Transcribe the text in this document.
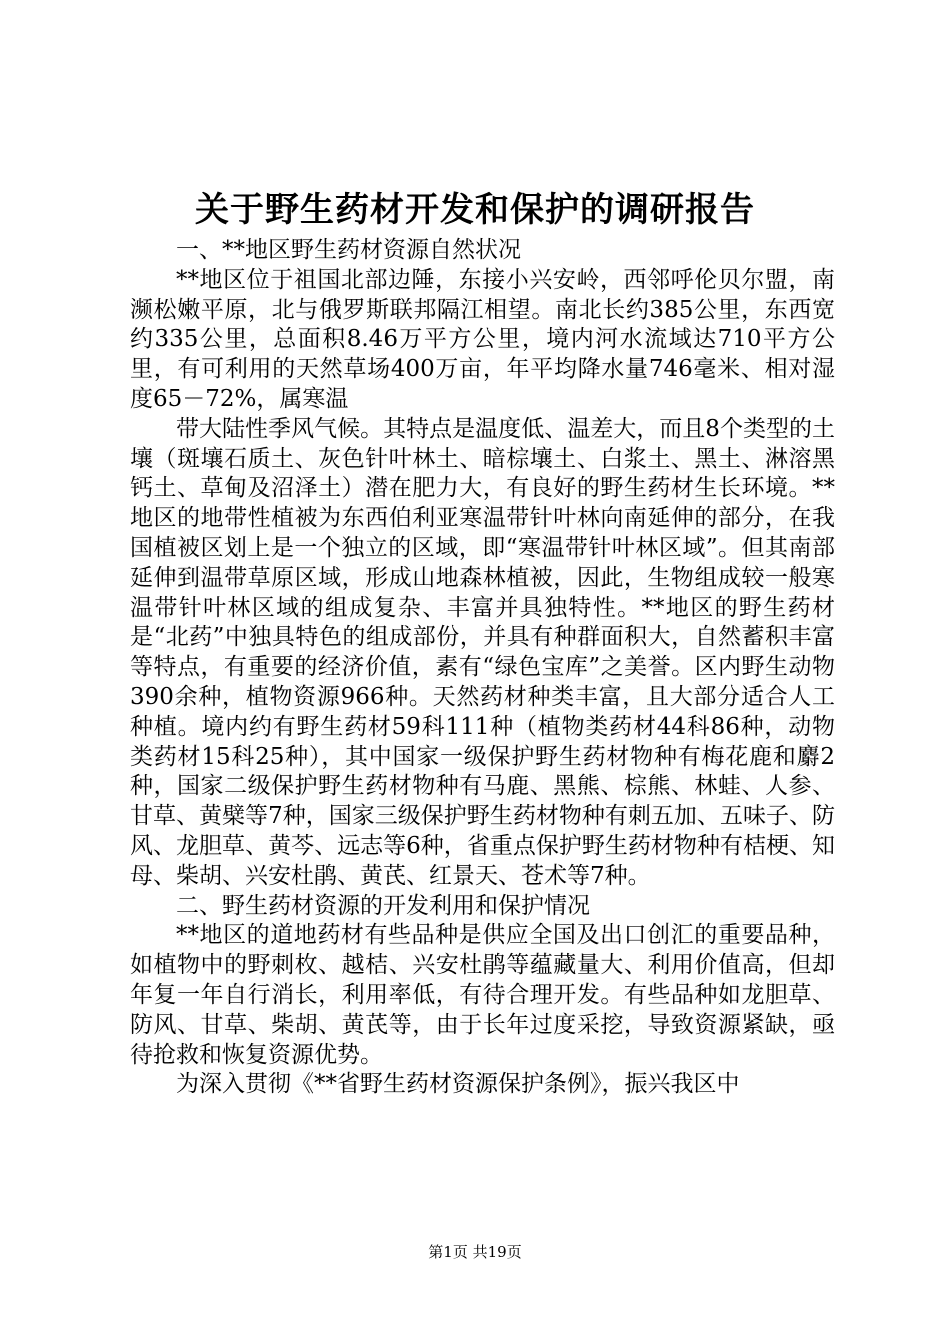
关于野生药材开发和保护的调研报告

一、**地区野生药材资源自然状况

**地区位于祖国北部边陲，东接小兴安岭，西邻呼伦贝尔盟，南濒松嫩平原，北与俄罗斯联邦隔江相望。南北长约385公里，东西宽约335公里，总面积8.46万平方公里，境内河水流域达710平方公里，有可利用的天然草场400万亩，年平均降水量746毫米、相对湿度65－72%，属寒温

带大陆性季风气候。其特点是温度低、温差大，而且8个类型的土壤（斑壤石质土、灰色针叶林土、暗棕壤土、白浆土、黑土、淋溶黑钙土、草甸及沼泽土）潜在肥力大，有良好的野生药材生长环境。**地区的地带性植被为东西伯利亚寒温带针叶林向南延伸的部分，在我国植被区划上是一个独立的区域，即“寒温带针叶林区域”。但其南部延伸到温带草原区域，形成山地森林植被，因此，生物组成较一般寒温带针叶林区域的组成复杂、丰富并具独特性。**地区的野生药材是“北药”中独具特色的组成部份，并具有种群面积大，自然蓄积丰富等特点，有重要的经济价值，素有“绿色宝库”之美誉。区内野生动物390余种，植物资源966种。天然药材种类丰富，且大部分适合人工种植。境内约有野生药材59科111种（植物类药材44科86种，动物类药材15科25种），其中国家一级保护野生药材物种有梅花鹿和麝2种，国家二级保护野生药材物种有马鹿、黑熊、棕熊、林蛙、人参、甘草、黄檗等7种，国家三级保护野生药材物种有刺五加、五味子、防风、龙胆草、黄芩、远志等6种，省重点保护野生药材物种有桔梗、知母、柴胡、兴安杜鹃、黄芪、红景天、苍术等7种。

二、野生药材资源的开发利用和保护情况

**地区的道地药材有些品种是供应全国及出口创汇的重要品种，如植物中的野刺枚、越桔、兴安杜鹃等蕴藏量大、利用价值高，但却年复一年自行消长，利用率低，有待合理开发。有些品种如龙胆草、防风、甘草、柴胡、黄芪等，由于长年过度采挖，导致资源紧缺，亟待抢救和恢复资源优势。

为深入贯彻《**省野生药材资源保护条例》，振兴我区中

第1页 共19页
